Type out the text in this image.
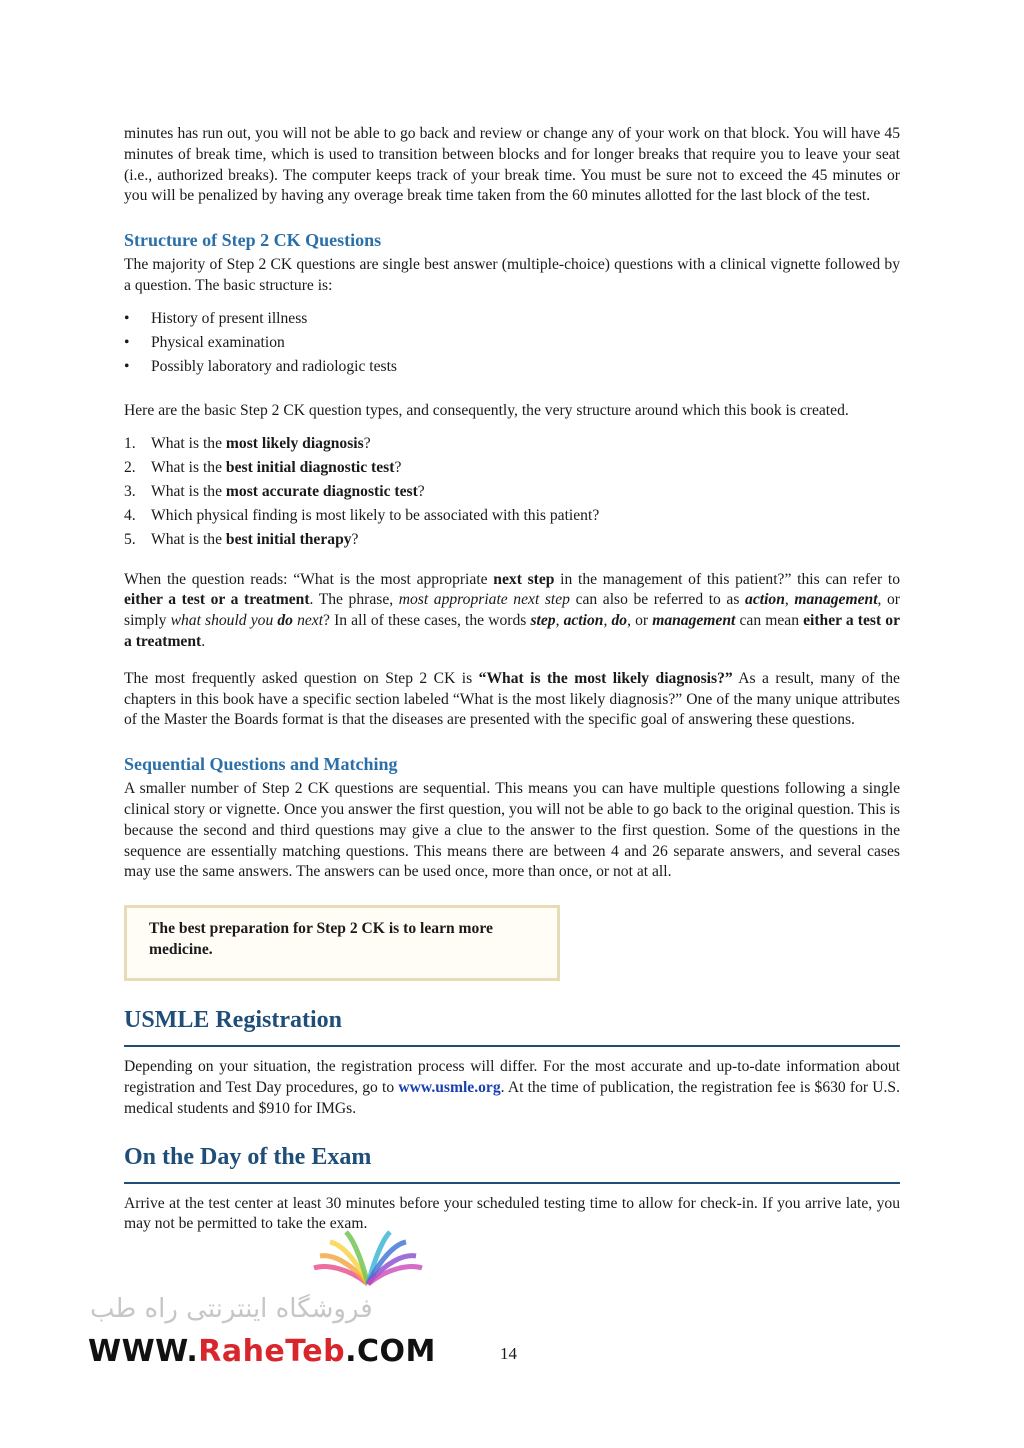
minutes has run out, you will not be able to go back and review or change any of your work on that block. You will have 45 minutes of break time, which is used to transition between blocks and for longer breaks that require you to leave your seat (i.e., authorized breaks). The computer keeps track of your break time. You must be sure not to exceed the 45 minutes or you will be penalized by having any overage break time taken from the 60 minutes allotted for the last block of the test.

Structure of Step 2 CK Questions

The majority of Step 2 CK questions are single best answer (multiple-choice) questions with a clinical vignette followed by a question. The basic structure is:

• History of present illness
• Physical examination
• Possibly laboratory and radiologic tests

Here are the basic Step 2 CK question types, and consequently, the very structure around which this book is created.

1. What is the most likely diagnosis?
2. What is the best initial diagnostic test?
3. What is the most accurate diagnostic test?
4. Which physical finding is most likely to be associated with this patient?
5. What is the best initial therapy?

When the question reads: “What is the most appropriate next step in the management of this patient?” this can refer to either a test or a treatment. The phrase, most appropriate next step can also be referred to as action, management, or simply what should you do next? In all of these cases, the words step, action, do, or management can mean either a test or a treatment.

The most frequently asked question on Step 2 CK is “What is the most likely diagnosis?” As a result, many of the chapters in this book have a specific section labeled “What is the most likely diagnosis?” One of the many unique attributes of the Master the Boards format is that the diseases are presented with the specific goal of answering these questions.

Sequential Questions and Matching

A smaller number of Step 2 CK questions are sequential. This means you can have multiple questions following a single clinical story or vignette. Once you answer the first question, you will not be able to go back to the original question. This is because the second and third questions may give a clue to the answer to the first question. Some of the questions in the sequence are essentially matching questions. This means there are between 4 and 26 separate answers, and several cases may use the same answers. The answers can be used once, more than once, or not at all.

The best preparation for Step 2 CK is to learn more medicine.
USMLE Registration

Depending on your situation, the registration process will differ. For the most accurate and up-to-date information about registration and Test Day procedures, go to www.usmle.org. At the time of publication, the registration fee is $630 for U.S. medical students and $910 for IMGs.

On the Day of the Exam

Arrive at the test center at least 30 minutes before your scheduled testing time to allow for check-in. If you arrive late, you may not be permitted to take the exam.

14
فروشگاه اینترنتی راه طب
WWW.RaheTeb.COM
